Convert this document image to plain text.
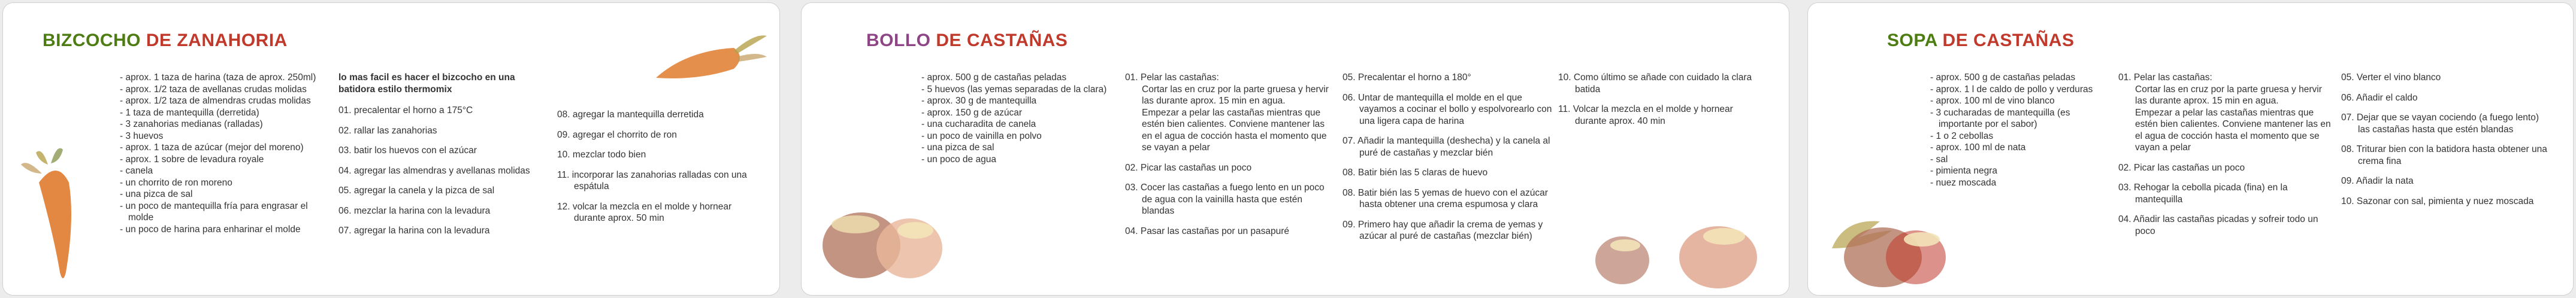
BIZCOCHO DE ZANAHORIA
- aprox. 1 taza de harina (taza de aprox. 250ml)
- aprox. 1/2 taza de avellanas crudas molidas
- aprox. 1/2 taza de almendras crudas molidas
- 1 taza de mantequilla (derretida)
- 3 zanahorias medianas (ralladas)
- 3 huevos
- aprox. 1 taza de azúcar (mejor del moreno)
- aprox. 1 sobre de levadura royale
- canela
- un chorrito de ron moreno
- una pizca de sal
- un poco de mantequilla fría para engrasar el molde
- un poco de harina para enharinar el molde
lo mas facil es hacer el bizcocho en una batidora estilo thermomix
01. precalentar el horno a 175°C
02. rallar las zanahorias
03. batir los huevos con el azúcar
04. agregar las almendras y avellanas molidas
05. agregar la canela y la pizca de sal
06. mezclar la harina con la levadura
07. agregar la harina con la levadura
08. agregar la mantequilla derretida
09. agregar el chorrito de ron
10. mezclar todo bien
11. incorporar las zanahorias ralladas con una espátula
12. volcar la mezcla en el molde y hornear durante aprox. 50 min
BOLLO DE CASTAÑAS
- aprox. 500 g de castañas peladas
- 5 huevos (las yemas separadas de la clara)
- aprox. 30 g de mantequilla
- aprox. 150 g de azúcar
- una cucharadita de canela
- un poco de vainilla en polvo
- una pizca de sal
- un poco de agua
01. Pelar las castañas:
Cortar las en cruz por la parte gruesa y hervir las durante aprox. 15 min en agua.
Empezar a pelar las castañas mientras que estén bien calientes. Conviene mantener las en el agua de cocción hasta el momento que se vayan a pelar
02. Picar las castañas un poco
03. Cocer las castañas a fuego lento en un poco de agua con la vainilla hasta que estén blandas
04. Pasar las castañas por un pasapuré
05. Precalentar el horno a 180°
06. Untar de mantequilla el molde en el que vayamos a cocinar el bollo y espolvorearlo con una ligera capa de harina
07. Añadir la mantequilla (deshecha) y la canela al puré de castañas y mezclar bién
08. Batir bién las 5 claras de huevo
08. Batir bién las 5 yemas de huevo con el azúcar hasta obtener una crema espumosa y clara
09. Primero hay que añadir la crema de yemas y azúcar al puré de castañas (mezclar bién)
10. Como último se añade con cuidado la clara batida
11. Volcar la mezcla en el molde y hornear durante aprox. 40 min
SOPA DE CASTAÑAS
- aprox. 500 g de castañas peladas
- aprox. 1 l de caldo de pollo y verduras
- aprox. 100 ml de vino blanco
- 3 cucharadas de mantequilla (es importante por el sabor)
- 1 o 2 cebollas
- aprox. 100 ml de nata
- sal
- pimienta negra
- nuez moscada
01. Pelar las castañas:
Cortar las en cruz por la parte gruesa y hervir las durante aprox. 15 min en agua.
Empezar a pelar las castañas mientras que estén bien calientes. Conviene mantener las en el agua de cocción hasta el momento que se vayan a pelar
02. Picar las castañas un poco
03. Rehogar la cebolla picada (fina) en la mantequilla
04. Añadir las castañas picadas y sofreir todo un poco
05. Verter el vino blanco
06. Añadir el caldo
07. Dejar que se vayan cociendo (a fuego lento) las castañas hasta que estén blandas
08. Triturar bien con la batidora hasta obtener una crema fina
09. Añadir la nata
10. Sazonar con sal, pimienta y nuez moscada
